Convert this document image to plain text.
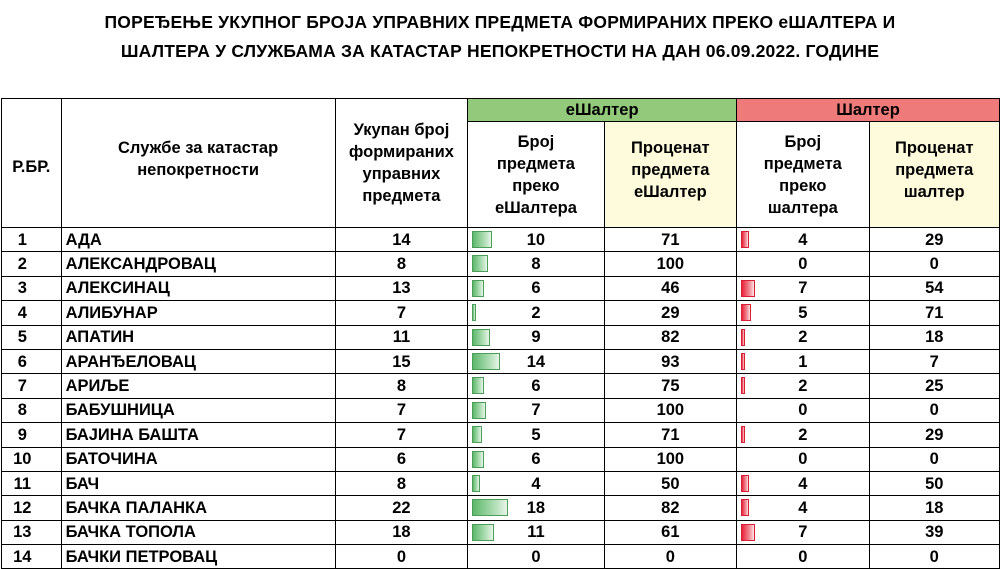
ПОРЕЂЕЊЕ УКУПНОГ БРОЈА УПРАВНИХ ПРЕДМЕТА ФОРМИРАНИХ ПРЕКО еШАЛТЕРА И
ШАЛТЕРА У СЛУЖБАМА ЗА КАТАСТАР НЕПОКРЕТНОСТИ НА ДАН 06.09.2022. ГОДИНЕ
Р.БР.	Службе за катастар непокретности	Укупан број формираних управних предмета	еШалтер		Шалтер	
			Број предмета преко еШалтера	Проценат предмета еШалтер	Број предмета преко шалтера	Проценат предмета шалтер
1	АДА	14	10	71	4	29
2	АЛЕКСАНДРОВАЦ	8	8	100	0	0
3	АЛЕКСИНАЦ	13	6	46	7	54
4	АЛИБУНАР	7	2	29	5	71
5	АПАТИН	11	9	82	2	18
6	АРАНЂЕЛОВАЦ	15	14	93	1	7
7	АРИЉЕ	8	6	75	2	25
8	БАБУШНИЦА	7	7	100	0	0
9	БАЈИНА БАШТА	7	5	71	2	29
10	БАТОЧИНА	6	6	100	0	0
11	БАЧ	8	4	50	4	50
12	БАЧКА ПАЛАНКА	22	18	82	4	18
13	БАЧКА ТОПОЛА	18	11	61	7	39
14	БАЧКИ ПЕТРОВАЦ	0	0	0	0	0
